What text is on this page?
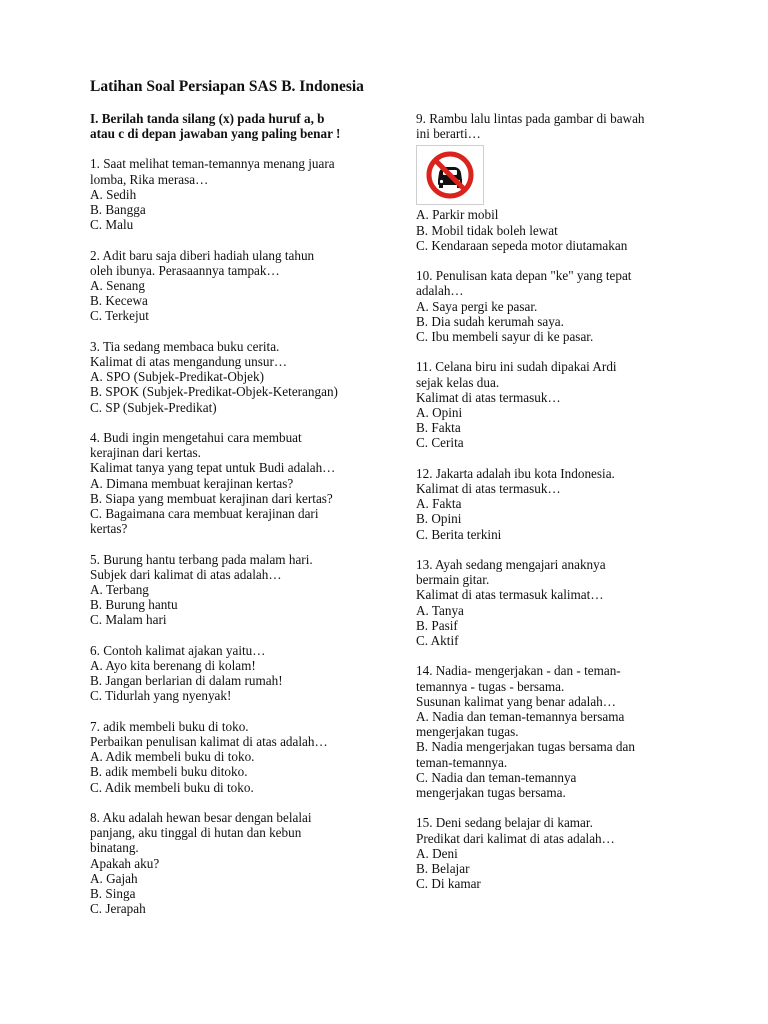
Latihan Soal Persiapan SAS B. Indonesia
I. Berilah tanda silang (x) pada huruf a, b
atau c di depan jawaban yang paling benar !
1. Saat melihat teman-temannya menang juara
lomba, Rika merasa…
A. Sedih
B. Bangga
C. Malu
2. Adit baru saja diberi hadiah ulang tahun
oleh ibunya. Perasaannya tampak…
A. Senang
B. Kecewa
C. Terkejut
3. Tia sedang membaca buku cerita.
Kalimat di atas mengandung unsur…
A. SPO (Subjek-Predikat-Objek)
B. SPOK (Subjek-Predikat-Objek-Keterangan)
C. SP (Subjek-Predikat)
4. Budi ingin mengetahui cara membuat
kerajinan dari kertas.
Kalimat tanya yang tepat untuk Budi adalah…
A. Dimana membuat kerajinan kertas?
B. Siapa yang membuat kerajinan dari kertas?
C. Bagaimana cara membuat kerajinan dari
kertas?
5. Burung hantu terbang pada malam hari.
Subjek dari kalimat di atas adalah…
A. Terbang
B. Burung hantu
C. Malam hari
6. Contoh kalimat ajakan yaitu…
A. Ayo kita berenang di kolam!
B. Jangan berlarian di dalam rumah!
C. Tidurlah yang nyenyak!
7. adik membeli buku di toko.
Perbaikan penulisan kalimat di atas adalah…
A. Adik membeli buku di toko.
B. adik membeli buku ditoko.
C. Adik membeli buku di toko.
8. Aku adalah hewan besar dengan belalai
panjang, aku tinggal di hutan dan kebun
binatang.
Apakah aku?
A. Gajah
B. Singa
C. Jerapah
9. Rambu lalu lintas pada gambar di bawah
ini berarti…
A. Parkir mobil
B. Mobil tidak boleh lewat
C. Kendaraan sepeda motor diutamakan
10. Penulisan kata depan "ke" yang tepat
adalah…
A. Saya pergi ke pasar.
B. Dia sudah kerumah saya.
C. Ibu membeli sayur di ke pasar.
11. Celana biru ini sudah dipakai Ardi
sejak kelas dua.
Kalimat di atas termasuk…
A. Opini
B. Fakta
C. Cerita
12. Jakarta adalah ibu kota Indonesia.
Kalimat di atas termasuk…
A. Fakta
B. Opini
C. Berita terkini
13. Ayah sedang mengajari anaknya
bermain gitar.
Kalimat di atas termasuk kalimat…
A. Tanya
B. Pasif
C. Aktif
14. Nadia- mengerjakan - dan - teman-
temannya - tugas - bersama.
Susunan kalimat yang benar adalah…
A. Nadia dan teman-temannya bersama
mengerjakan tugas.
B. Nadia mengerjakan tugas bersama dan
teman-temannya.
C. Nadia dan teman-temannya
mengerjakan tugas bersama.
15. Deni sedang belajar di kamar.
Predikat dari kalimat di atas adalah…
A. Deni
B. Belajar
C. Di kamar
